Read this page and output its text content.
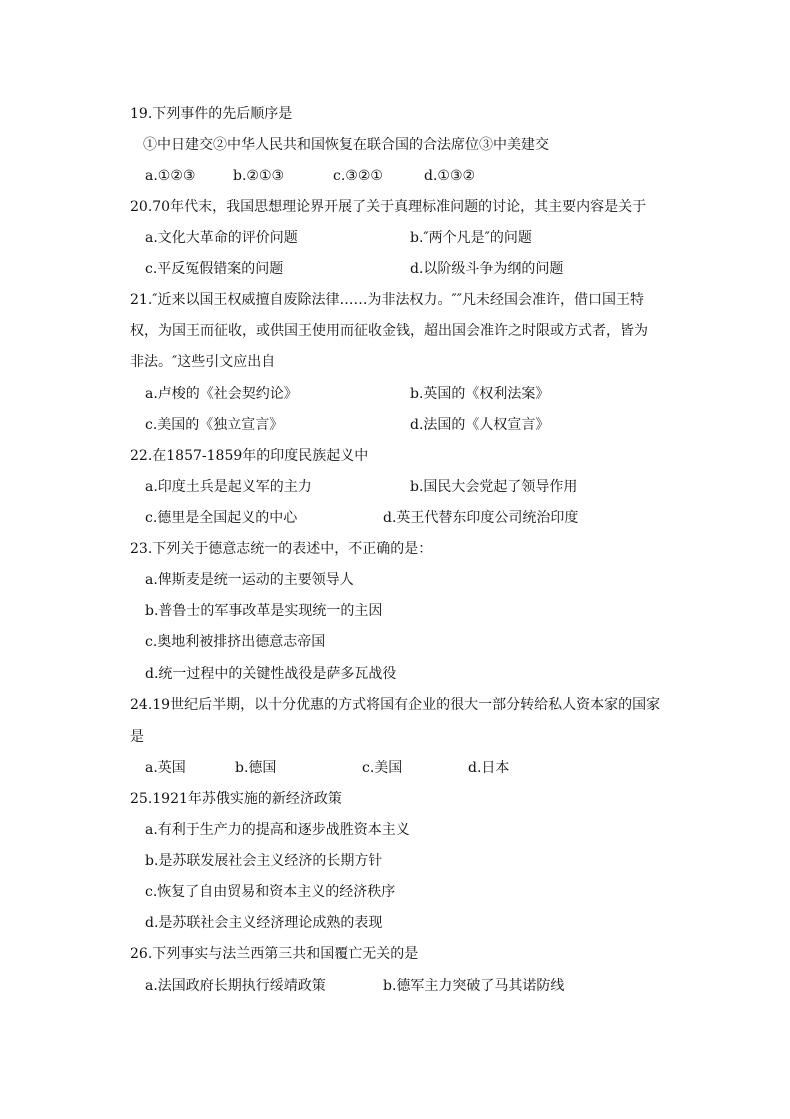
19.下列事件的先后顺序是
①中日建交②中华人民共和国恢复在联合国的合法席位③中美建交
a.①②③	b.②①③	c.③②①	d.①③②
20.70年代末，我国思想理论界开展了关于真理标准问题的讨论，其主要内容是关于
a.文化大革命的评价问题	b.″两个凡是″的问题
c.平反冤假错案的问题	d.以阶级斗争为纲的问题
21.″近来以国王权威擅自废除法律……为非法权力。″″凡未经国会准许，借口国王特
权，为国王而征收，或供国王使用而征收金钱，超出国会准许之时限或方式者，皆为
非法。″这些引文应出自
a.卢梭的《社会契约论》	b.英国的《权利法案》
c.美国的《独立宣言》	d.法国的《人权宣言》
22.在1857-1859年的印度民族起义中
a.印度土兵是起义军的主力	b.国民大会党起了领导作用
c.德里是全国起义的中心	d.英王代替东印度公司统治印度
23.下列关于德意志统一的表述中，不正确的是：
a.俾斯麦是统一运动的主要领导人
b.普鲁士的军事改革是实现统一的主因
c.奥地利被排挤出德意志帝国
d.统一过程中的关键性战役是萨多瓦战役
24.19世纪后半期，以十分优惠的方式将国有企业的很大一部分转给私人资本家的国家
是
a.英国	b.德国	c.美国	d.日本
25.1921年苏俄实施的新经济政策
a.有利于生产力的提高和逐步战胜资本主义
b.是苏联发展社会主义经济的长期方针
c.恢复了自由贸易和资本主义的经济秩序
d.是苏联社会主义经济理论成熟的表现
26.下列事实与法兰西第三共和国覆亡无关的是
a.法国政府长期执行绥靖政策	b.德军主力突破了马其诺防线
